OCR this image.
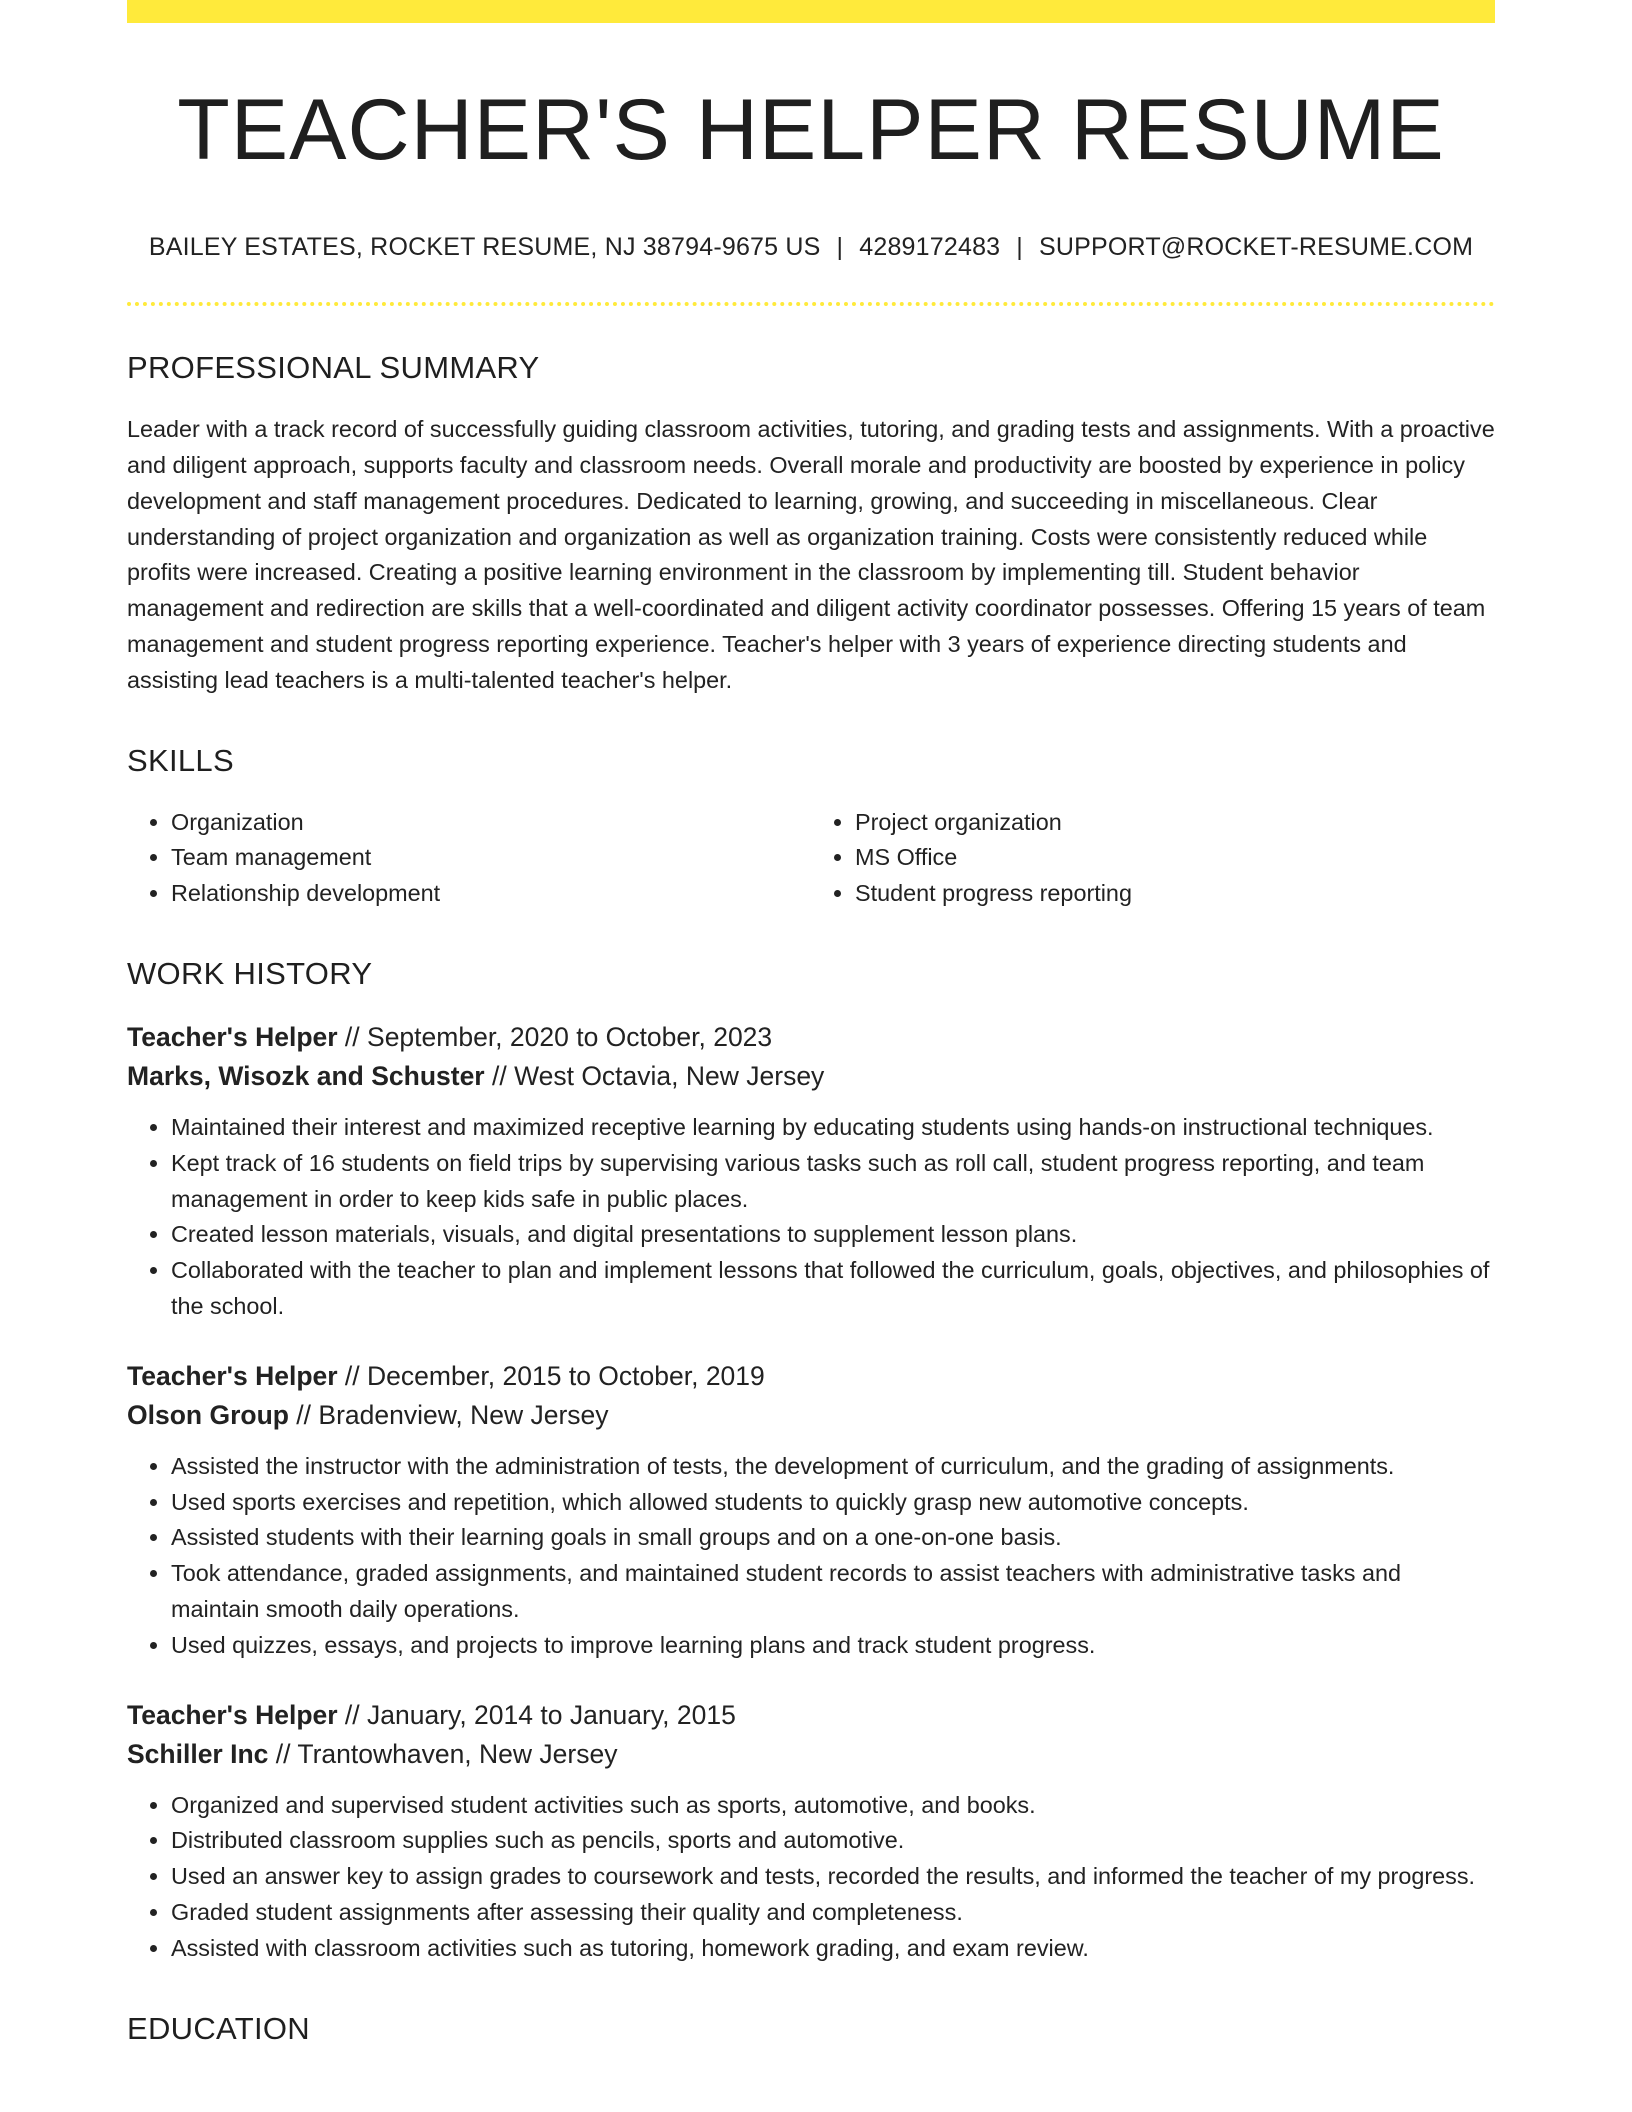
TEACHER'S HELPER RESUME
BAILEY ESTATES, ROCKET RESUME, NJ 38794-9675 US | 4289172483 | SUPPORT@ROCKET-RESUME.COM
PROFESSIONAL SUMMARY

Leader with a track record of successfully guiding classroom activities, tutoring, and grading tests and assignments. With a proactive and diligent approach, supports faculty and classroom needs. Overall morale and productivity are boosted by experience in policy development and staff management procedures. Dedicated to learning, growing, and succeeding in miscellaneous. Clear understanding of project organization and organization as well as organization training. Costs were consistently reduced while profits were increased. Creating a positive learning environment in the classroom by implementing till. Student behavior management and redirection are skills that a well-coordinated and diligent activity coordinator possesses. Offering 15 years of team management and student progress reporting experience. Teacher's helper with 3 years of experience directing students and assisting lead teachers is a multi-talented teacher's helper.

SKILLS
• Organization
• Team management
• Relationship development
• Project organization
• MS Office
• Student progress reporting
WORK HISTORY
Teacher's Helper // September, 2020 to October, 2023
Marks, Wisozk and Schuster // West Octavia, New Jersey
• Maintained their interest and maximized receptive learning by educating students using hands-on instructional techniques.
• Kept track of 16 students on field trips by supervising various tasks such as roll call, student progress reporting, and team management in order to keep kids safe in public places.
• Created lesson materials, visuals, and digital presentations to supplement lesson plans.
• Collaborated with the teacher to plan and implement lessons that followed the curriculum, goals, objectives, and philosophies of the school.
Teacher's Helper // December, 2015 to October, 2019
Olson Group // Bradenview, New Jersey
• Assisted the instructor with the administration of tests, the development of curriculum, and the grading of assignments.
• Used sports exercises and repetition, which allowed students to quickly grasp new automotive concepts.
• Assisted students with their learning goals in small groups and on a one-on-one basis.
• Took attendance, graded assignments, and maintained student records to assist teachers with administrative tasks and maintain smooth daily operations.
• Used quizzes, essays, and projects to improve learning plans and track student progress.
Teacher's Helper // January, 2014 to January, 2015
Schiller Inc // Trantowhaven, New Jersey
• Organized and supervised student activities such as sports, automotive, and books.
• Distributed classroom supplies such as pencils, sports and automotive.
• Used an answer key to assign grades to coursework and tests, recorded the results, and informed the teacher of my progress.
• Graded student assignments after assessing their quality and completeness.
• Assisted with classroom activities such as tutoring, homework grading, and exam review.
EDUCATION
